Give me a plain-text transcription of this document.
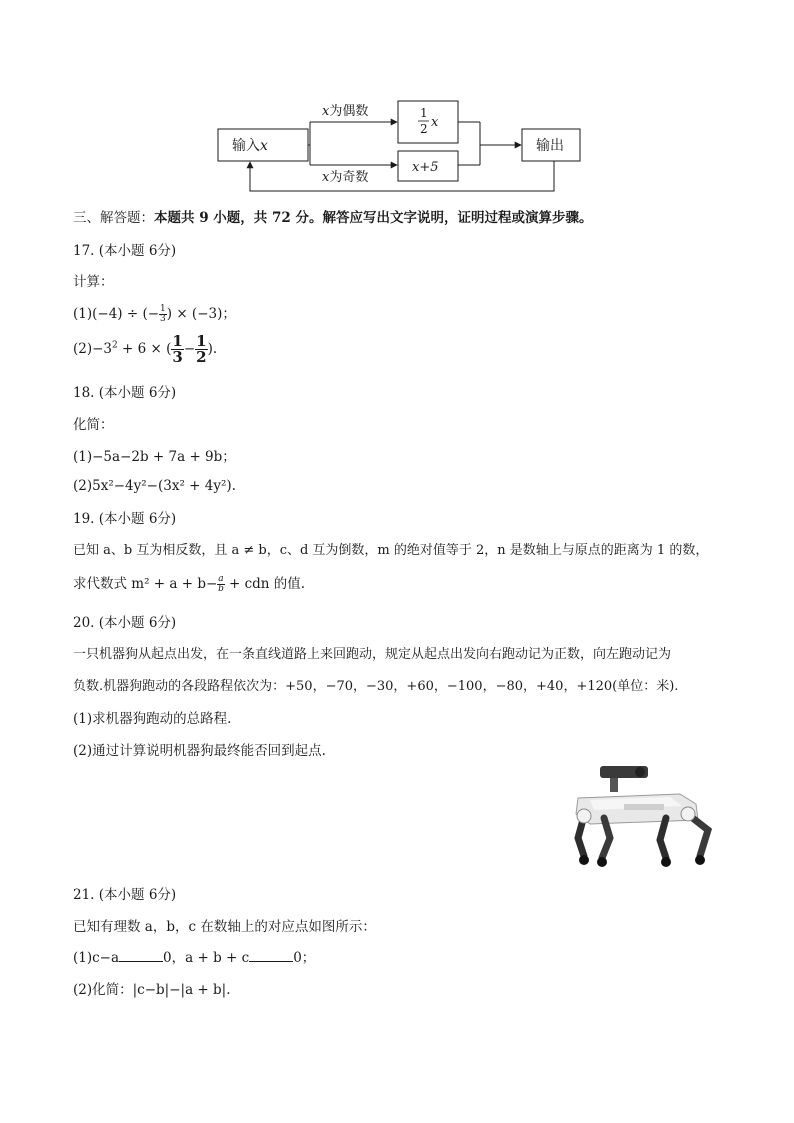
输入x
x为偶数
x为奇数
1
2 x
x+5
输出
三、解答题：本题共 9 小题，共 72 分。解答应写出文字说明，证明过程或演算步骤。
17. (本小题 6分)
计算：
(1)(−4) ÷ (− $\frac{1}{3}$ ) × (−3)；
$(2)-3^2 + 6$ × ( $\frac{1}{3} - \frac{1}{2}$ ).
18. (本小题 6分)
化简：
(1)−5a−2b + 7a + 9b；
(2)5x²−4y²−(3x² + 4y²).
19. (本小题 6分)
已知 a、b 互为相反数，且 a ≠ b，c、d 互为倒数，m 的绝对值等于 2，n 是数轴上与原点的距离为 1 的数，
求代数式 $m^2 + a + b- \frac{a}{b}$ + cdn 的值.
20. (本小题 6分)
一只机器狗从起点出发，在一条直线道路上来回跑动，规定从起点出发向右跑动记为正数，向左跑动记为
负数.机器狗跑动的各段路程依次为：+50，−70，−30，+60，−100，−80，+40，+120(单位：米).
(1)求机器狗跑动的总路程.
(2)通过计算说明机器狗最终能否回到起点.
21. (本小题 6分)
已知有理数 a，b，c 在数轴上的对应点如图所示：
(1)c−a	0，a + b + c	0；
(2)化简：|c−b|−|a + b|.
